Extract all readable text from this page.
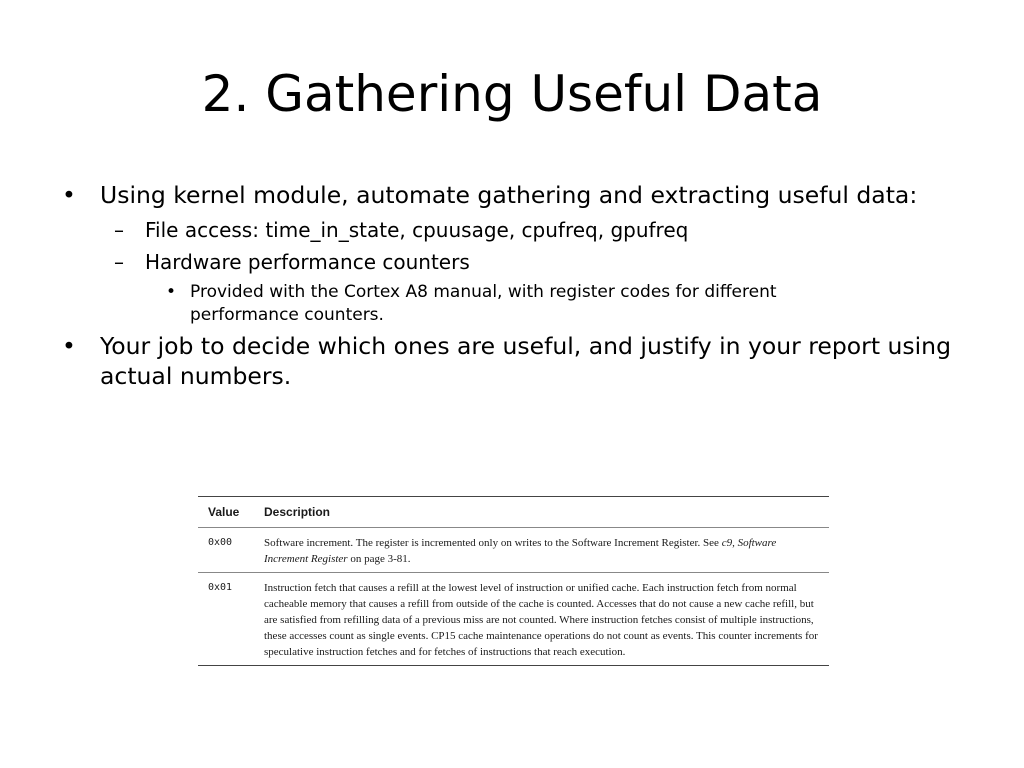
2. Gathering Useful Data
• Using kernel module, automate gathering and extracting useful data:
– File access: time_in_state, cpuusage, cpufreq, gpufreq
– Hardware performance counters
• Provided with the Cortex A8 manual, with register codes for different performance counters.
• Your job to decide which ones are useful, and justify in your report using actual numbers.
Value	Description
0x00	Software increment. The register is incremented only on writes to the Software Increment Register. See c9, Software Increment Register on page 3-81.
0x01	Instruction fetch that causes a refill at the lowest level of instruction or unified cache. Each instruction fetch from normal cacheable memory that causes a refill from outside of the cache is counted. Accesses that do not cause a new cache refill, but are satisfied from refilling data of a previous miss are not counted. Where instruction fetches consist of multiple instructions, these accesses count as single events. CP15 cache maintenance operations do not count as events. This counter increments for speculative instruction fetches and for fetches of instructions that reach execution.
